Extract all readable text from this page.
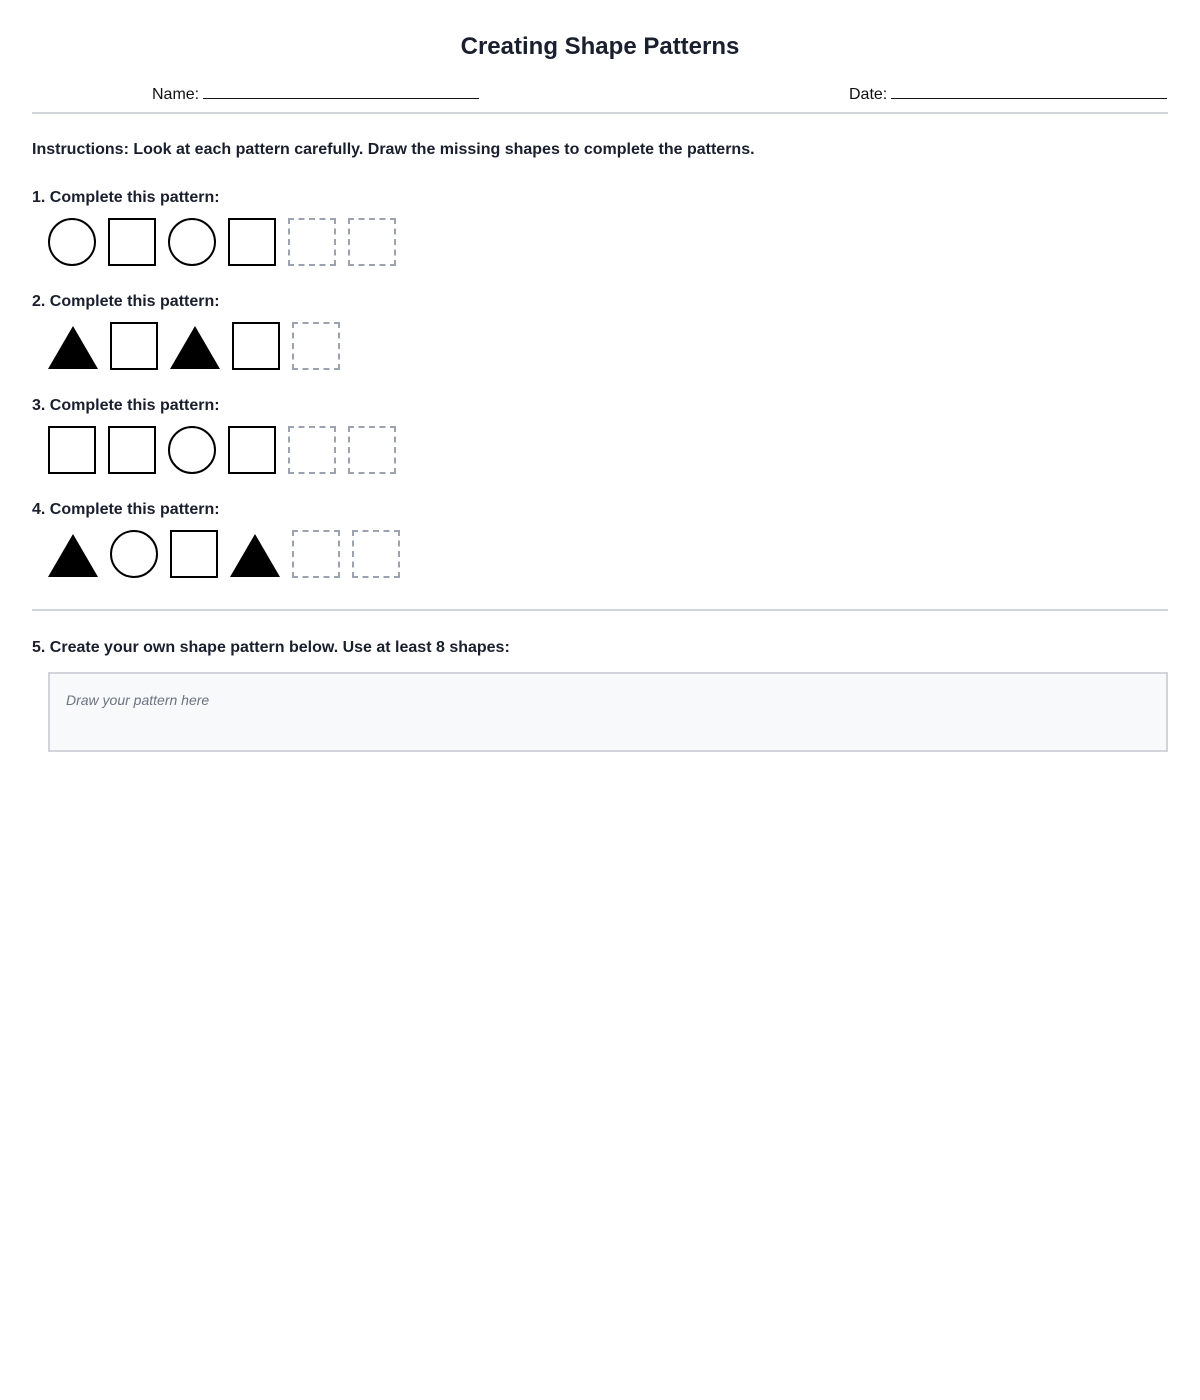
Creating Shape Patterns
Name:	Date:
Instructions: Look at each pattern carefully. Draw the missing shapes to complete the patterns.
1. Complete this pattern:
2. Complete this pattern:
3. Complete this pattern:
4. Complete this pattern:
5. Create your own shape pattern below. Use at least 8 shapes:
Draw your pattern here
